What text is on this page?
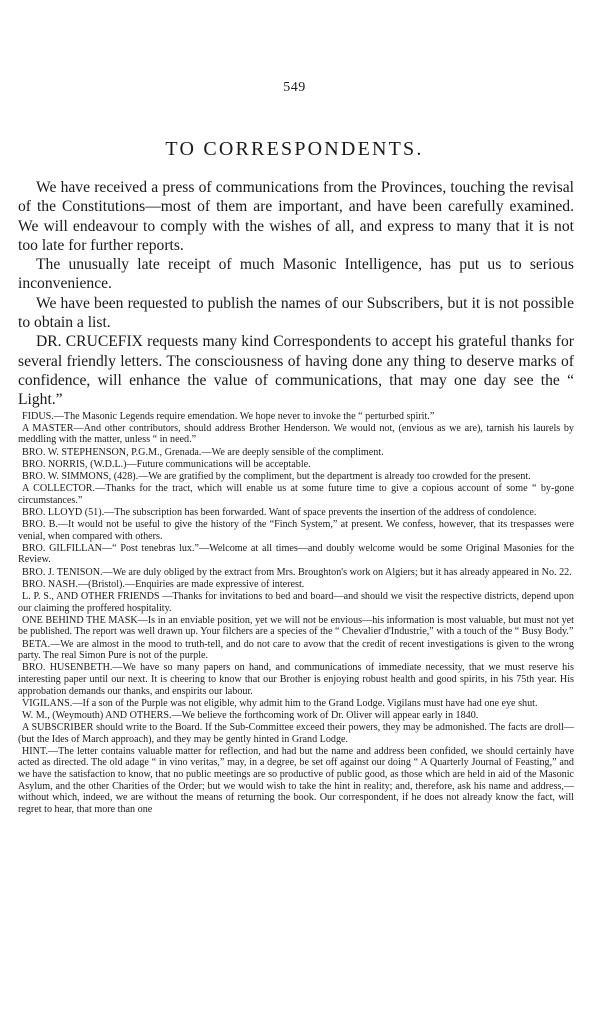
549
TO CORRESPONDENTS.

We have received a press of communications from the Provinces, touching the revisal of the Constitutions—most of them are important, and have been carefully examined. We will endeavour to comply with the wishes of all, and express to many that it is not too late for further reports.

The unusually late receipt of much Masonic Intelligence, has put us to serious inconvenience.

We have been requested to publish the names of our Subscribers, but it is not possible to obtain a list.

DR. CRUCEFIX requests many kind Correspondents to accept his grateful thanks for several friendly letters. The consciousness of having done any thing to deserve marks of confidence, will enhance the value of communications, that may one day see the “ Light.”

FIDUS.—The Masonic Legends require emendation. We hope never to invoke the “ perturbed spirit.”

A MASTER—And other contributors, should address Brother Henderson. We would not, (envious as we are), tarnish his laurels by meddling with the matter, unless “ in need.”

BRO. W. STEPHENSON, P.G.M., Grenada.—We are deeply sensible of the compliment.

BRO. NORRIS, (W.D.L.)—Future communications will be acceptable.

BRO. W. SIMMONS, (428).—We are gratified by the compliment, but the department is already too crowded for the present.

A COLLECTOR.—Thanks for the tract, which will enable us at some future time to give a copious account of some “ by-gone circumstances.”

BRO. LLOYD (51).—The subscription has been forwarded. Want of space prevents the insertion of the address of condolence.

BRO. B.—It would not be useful to give the history of the “Finch System,” at present. We confess, however, that its trespasses were venial, when compared with others.

BRO. GILFILLAN—“ Post tenebras lux.”—Welcome at all times—and doubly welcome would be some Original Masonies for the Review.

BRO. J. TENISON.—We are duly obliged by the extract from Mrs. Broughton's work on Algiers; but it has already appeared in No. 22.

BRO. NASH.—(Bristol).—Enquiries are made expressive of interest.

L. P. S., AND OTHER FRIENDS —Thanks for invitations to bed and board—and should we visit the respective districts, depend upon our claiming the proffered hospitality.

ONE BEHIND THE MASK—Is in an enviable position, yet we will not be envious—his information is most valuable, but must not yet be published. The report was well drawn up. Your filchers are a species of the “ Chevalier d'Industrie,” with a touch of the “ Busy Body.”

BETA.—We are almost in the mood to truth-tell, and do not care to avow that the credit of recent investigations is given to the wrong party. The real Simon Pure is not of the purple.

BRO. HUSENBETH.—We have so many papers on hand, and communications of immediate necessity, that we must reserve his interesting paper until our next. It is cheering to know that our Brother is enjoying robust health and good spirits, in his 75th year. His approbation demands our thanks, and enspirits our labour.

VIGILANS.—If a son of the Purple was not eligible, why admit him to the Grand Lodge. Vigilans must have had one eye shut.

W. M., (Weymouth) AND OTHERS.—We believe the forthcoming work of Dr. Oliver will appear early in 1840.

A SUBSCRIBER should write to the Board. If the Sub-Committee exceed their powers, they may be admonished. The facts are droll—(but the Ides of March approach), and they may be gently hinted in Grand Lodge.

HINT.—The letter contains valuable matter for reflection, and had but the name and address been confided, we should certainly have acted as directed. The old adage “ in vino veritas,” may, in a degree, be set off against our doing “ A Quarterly Journal of Feasting,” and we have the satisfaction to know, that no public meetings are so productive of public good, as those which are held in aid of the Masonic Asylum, and the other Charities of the Order; but we would wish to take the hint in reality; and, therefore, ask his name and address,—without which, indeed, we are without the means of returning the book. Our correspondent, if he does not already know the fact, will regret to hear, that more than one
